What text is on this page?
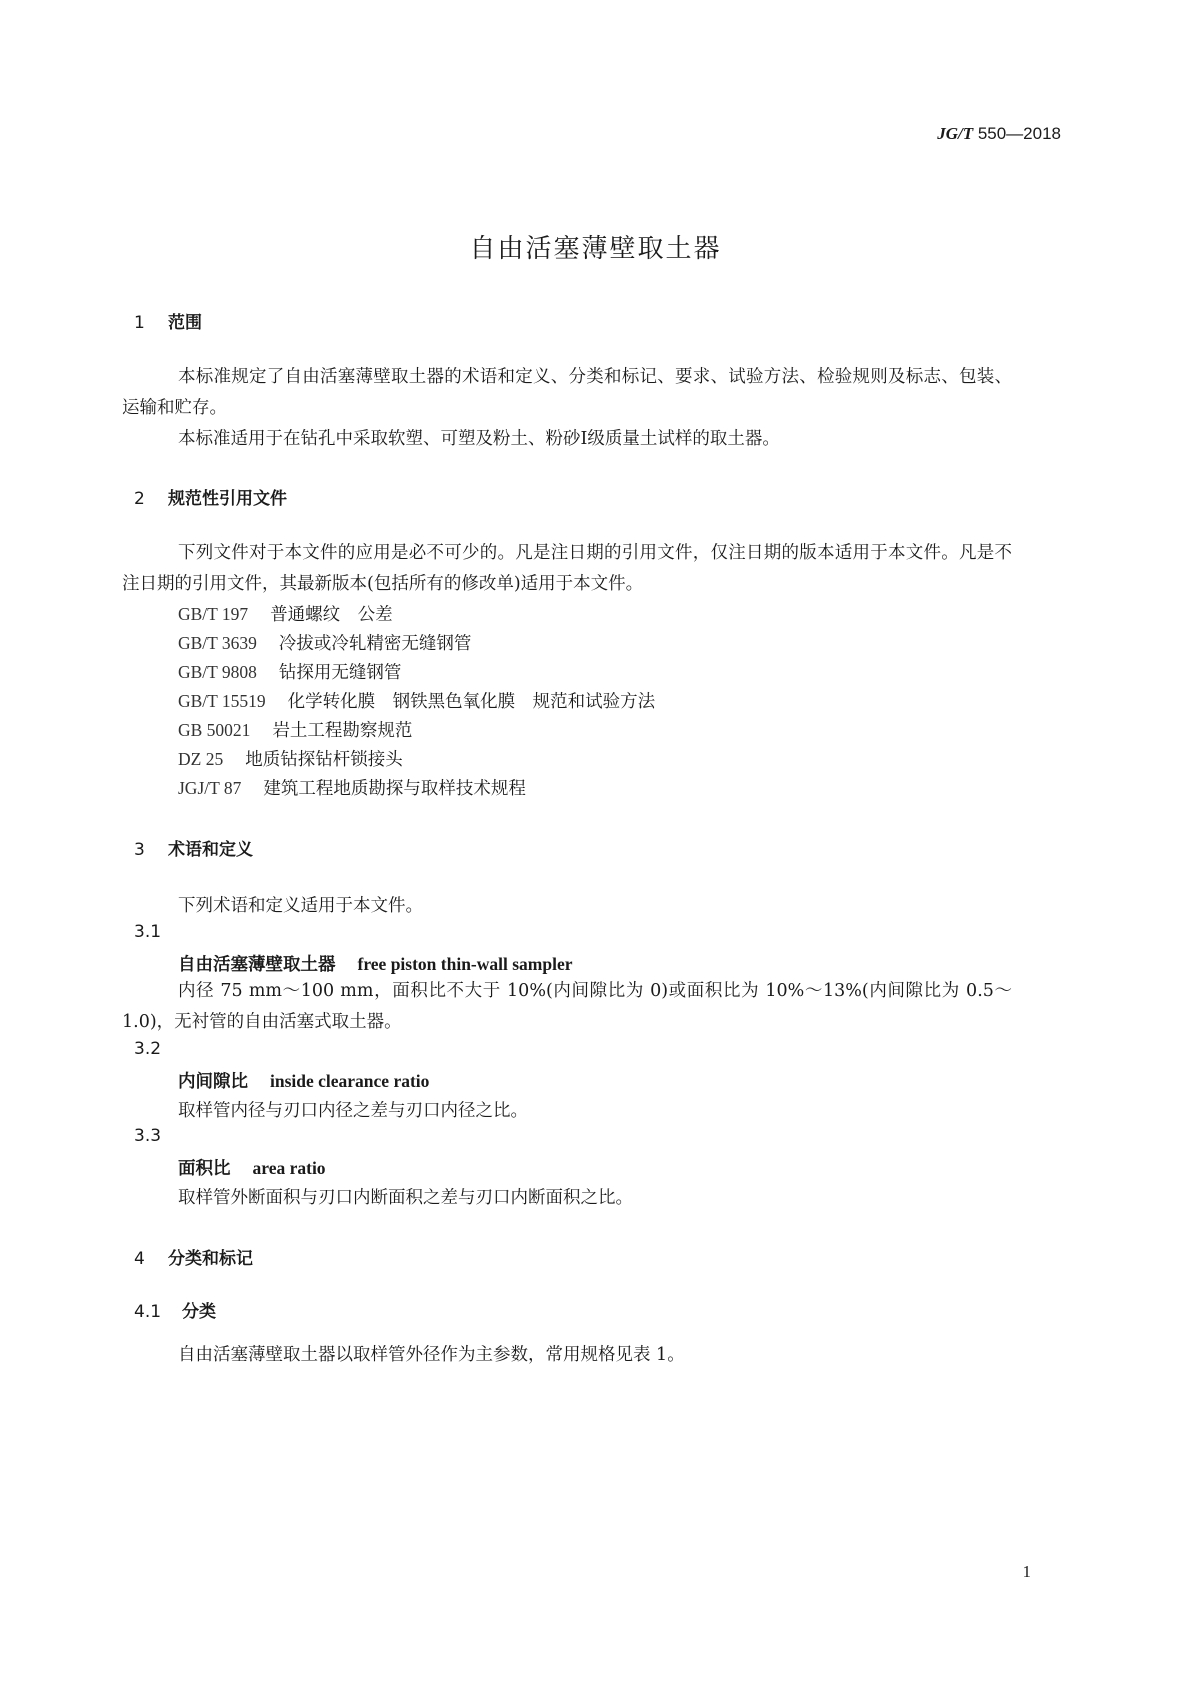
JG/T 550—2018
自由活塞薄壁取土器
1 范围
本标准规定了自由活塞薄壁取土器的术语和定义、分类和标记、要求、试验方法、检验规则及标志、包装、运输和贮存。
本标准适用于在钻孔中采取软塑、可塑及粉土、粉砂Ⅰ级质量土试样的取土器。
2 规范性引用文件
下列文件对于本文件的应用是必不可少的。凡是注日期的引用文件，仅注日期的版本适用于本文件。凡是不注日期的引用文件，其最新版本(包括所有的修改单)适用于本文件。
GB/T 197 普通螺纹　公差
GB/T 3639 冷拔或冷轧精密无缝钢管
GB/T 9808 钻探用无缝钢管
GB/T 15519 化学转化膜　钢铁黑色氧化膜　规范和试验方法
GB 50021 岩土工程勘察规范
DZ 25 地质钻探钻杆锁接头
JGJ/T 87 建筑工程地质勘探与取样技术规程
3 术语和定义
下列术语和定义适用于本文件。
3.1
自由活塞薄壁取土器 free piston thin-wall sampler
内径 75 mm～100 mm，面积比不大于 10%(内间隙比为 0)或面积比为 10%～13%(内间隙比为 0.5～1.0)，无衬管的自由活塞式取土器。
3.2
内间隙比 inside clearance ratio
取样管内径与刃口内径之差与刃口内径之比。
3.3
面积比 area ratio
取样管外断面积与刃口内断面积之差与刃口内断面积之比。
4 分类和标记
4.1 分类
自由活塞薄壁取土器以取样管外径作为主参数，常用规格见表 1。
1
